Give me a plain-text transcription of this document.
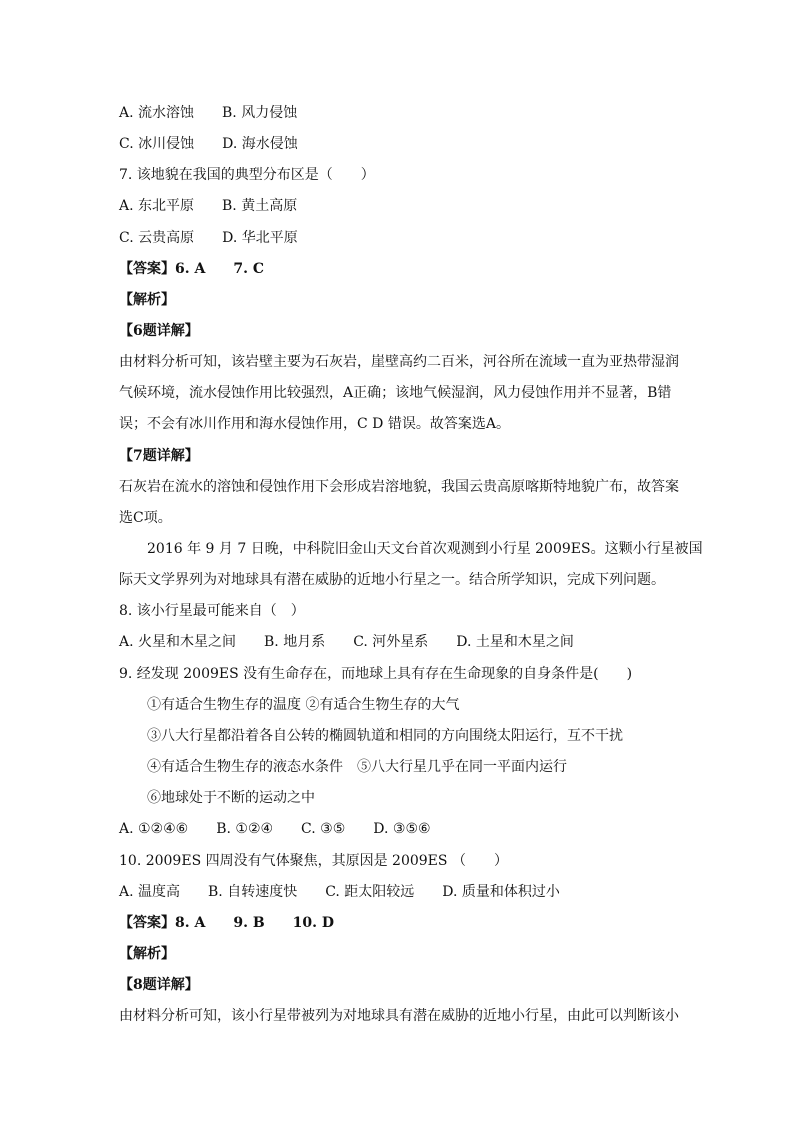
A. 流水溶蚀　　B. 风力侵蚀
C. 冰川侵蚀　　D. 海水侵蚀
7. 该地貌在我国的典型分布区是（　　）
A. 东北平原　　B. 黄土高原
C. 云贵高原　　D. 华北平原
【答案】6. A　　7. C
【解析】
【6题详解】
由材料分析可知，该岩壁主要为石灰岩，崖壁高约二百米，河谷所在流域一直为亚热带湿润
气候环境，流水侵蚀作用比较强烈，A正确；该地气候湿润，风力侵蚀作用并不显著，B错
误；不会有冰川作用和海水侵蚀作用，C D 错误。故答案选A。
【7题详解】
石灰岩在流水的溶蚀和侵蚀作用下会形成岩溶地貌，我国云贵高原喀斯特地貌广布，故答案
选C项。
　　2016 年 9 月 7 日晚，中科院旧金山天文台首次观测到小行星 2009ES。这颗小行星被国
际天文学界列为对地球具有潜在威胁的近地小行星之一。结合所学知识，完成下列问题。
8. 该小行星最可能来自（　）
A. 火星和木星之间　　B. 地月系　　C. 河外星系　　D. 土星和木星之间
9. 经发现 2009ES 没有生命存在，而地球上具有存在生命现象的自身条件是(　　)
①有适合生物生存的温度 ②有适合生物生存的大气
③八大行星都沿着各自公转的椭圆轨道和相同的方向围绕太阳运行，互不干扰
④有适合生物生存的液态水条件　⑤八大行星几乎在同一平面内运行
⑥地球处于不断的运动之中
A. ①②④⑥　　B. ①②④　　C. ③⑤　　D. ③⑤⑥
10. 2009ES 四周没有气体聚焦，其原因是 2009ES （　　）
A. 温度高　　B. 自转速度快　　C. 距太阳较远　　D. 质量和体积过小
【答案】8. A　　9. B　　10. D
【解析】
【8题详解】
由材料分析可知，该小行星带被列为对地球具有潜在威胁的近地小行星，由此可以判断该小
